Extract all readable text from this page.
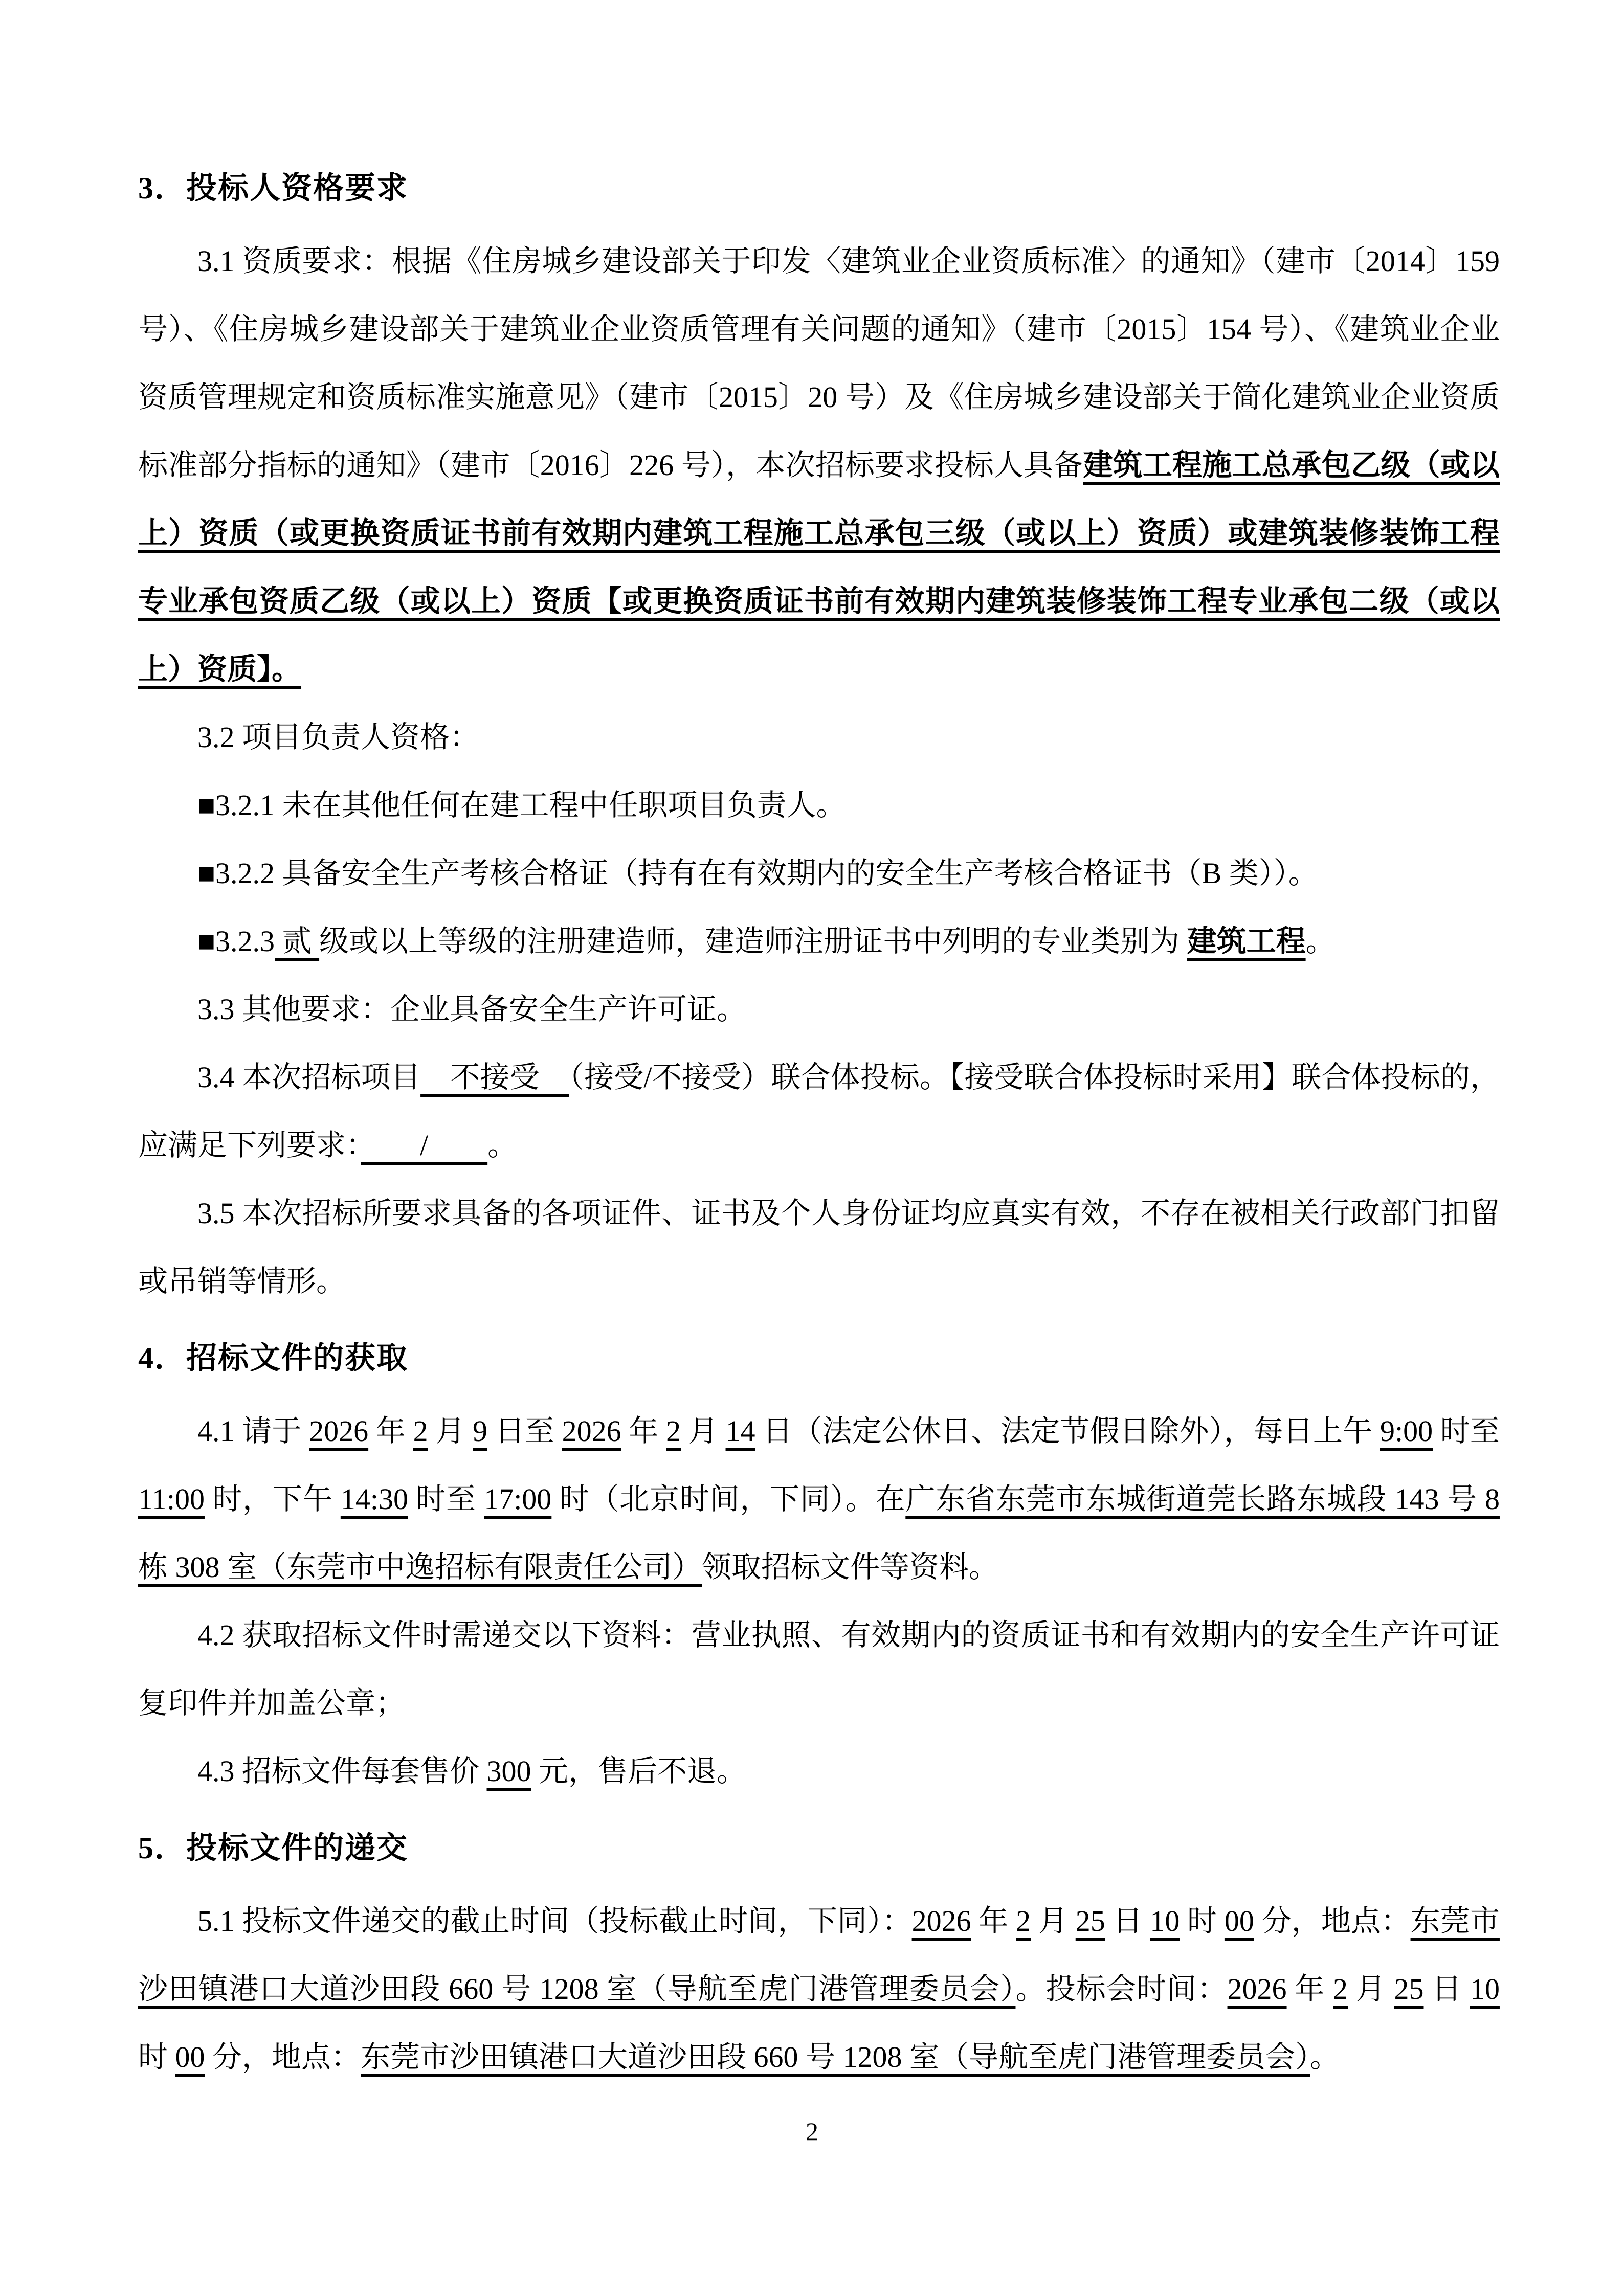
3．投标人资格要求

3.1 资质要求：根据《住房城乡建设部关于印发〈建筑业企业资质标准〉的通知》（建市〔2014〕159 号）、《住房城乡建设部关于建筑业企业资质管理有关问题的通知》（建市〔2015〕154 号）、《建筑业企业资质管理规定和资质标准实施意见》（建市〔2015〕20 号）及《住房城乡建设部关于简化建筑业企业资质标准部分指标的通知》（建市〔2016〕226 号），本次招标要求投标人具备建筑工程施工总承包乙级（或以上）资质（或更换资质证书前有效期内建筑工程施工总承包三级（或以上）资质）或建筑装修装饰工程专业承包资质乙级（或以上）资质【或更换资质证书前有效期内建筑装修装饰工程专业承包二级（或以上）资质】。

3.2 项目负责人资格：

■3.2.1 未在其他任何在建工程中任职项目负责人。

■3.2.2 具备安全生产考核合格证（持有在有效期内的安全生产考核合格证书（B 类））。

■3.2.3 贰 级或以上等级的注册建造师，建造师注册证书中列明的专业类别为 建筑工程。

3.3 其他要求：企业具备安全生产许可证。

3.4 本次招标项目　不接受　（接受/不接受）联合体投标。【接受联合体投标时采用】联合体投标的，应满足下列要求：　　/　　。

3.5 本次招标所要求具备的各项证件、证书及个人身份证均应真实有效，不存在被相关行政部门扣留或吊销等情形。

4．招标文件的获取

4.1 请于 2026 年 2 月 9 日至 2026 年 2 月 14 日（法定公休日、法定节假日除外），每日上午 9:00 时至 11:00 时，下午 14:30 时至 17:00 时（北京时间，下同）。在广东省东莞市东城街道莞长路东城段 143 号 8 栋 308 室（东莞市中逸招标有限责任公司）领取招标文件等资料。

4.2 获取招标文件时需递交以下资料：营业执照、有效期内的资质证书和有效期内的安全生产许可证复印件并加盖公章；

4.3 招标文件每套售价 300 元，售后不退。

5．投标文件的递交

5.1 投标文件递交的截止时间（投标截止时间，下同）：2026 年 2 月 25 日 10 时 00 分，地点：东莞市沙田镇港口大道沙田段 660 号 1208 室（导航至虎门港管理委员会）。投标会时间：2026 年 2 月 25 日 10 时 00 分，地点：东莞市沙田镇港口大道沙田段 660 号 1208 室（导航至虎门港管理委员会）。

2
